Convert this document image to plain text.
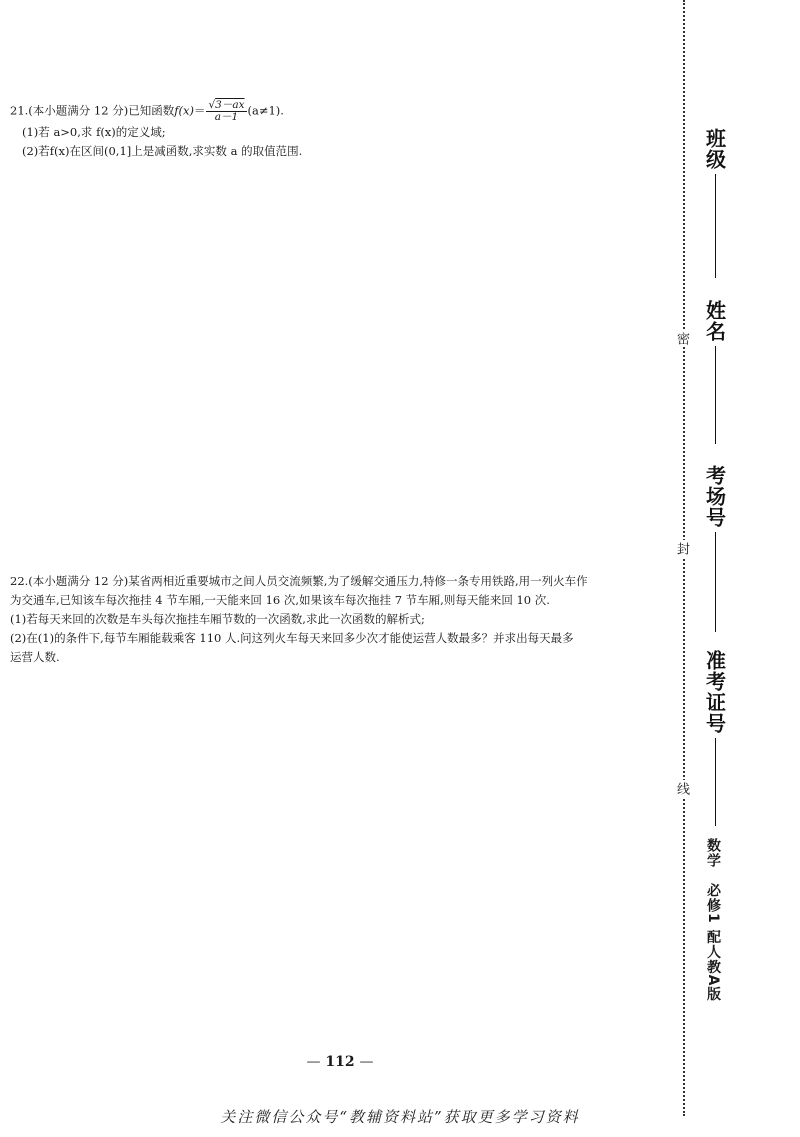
21.(本小题满分 12 分)已知函数f(x)＝ √ $\frac{3-ax}{a-1} (a\ne 1)$.

(1)若 a>0,求 f(x)的定义域;

(2)若f(x)在区间(0,1]上是减函数,求实数 a 的取值范围.

22.(本小题满分 12 分)某省两相近重要城市之间人员交流频繁,为了缓解交通压力,特修一条专用铁路,用一列火车作

为交通车,已知该车每次拖挂 4 节车厢,一天能来回 16 次,如果该车每次拖挂 7 节车厢,则每天能来回 10 次.

(1)若每天来回的次数是车头每次拖挂车厢节数的一次函数,求此一次函数的解析式;

(2)在(1)的条件下,每节车厢能载乘客 110 人.问这列火车每天来回多少次才能使运营人数最多？并求出每天最多

运营人数.

班级
姓名
考场号
准考证号
密
封
线
数学　必修1 配人教A版
— 112 —
关注微信公众号“教辅资料站”获取更多学习资料
